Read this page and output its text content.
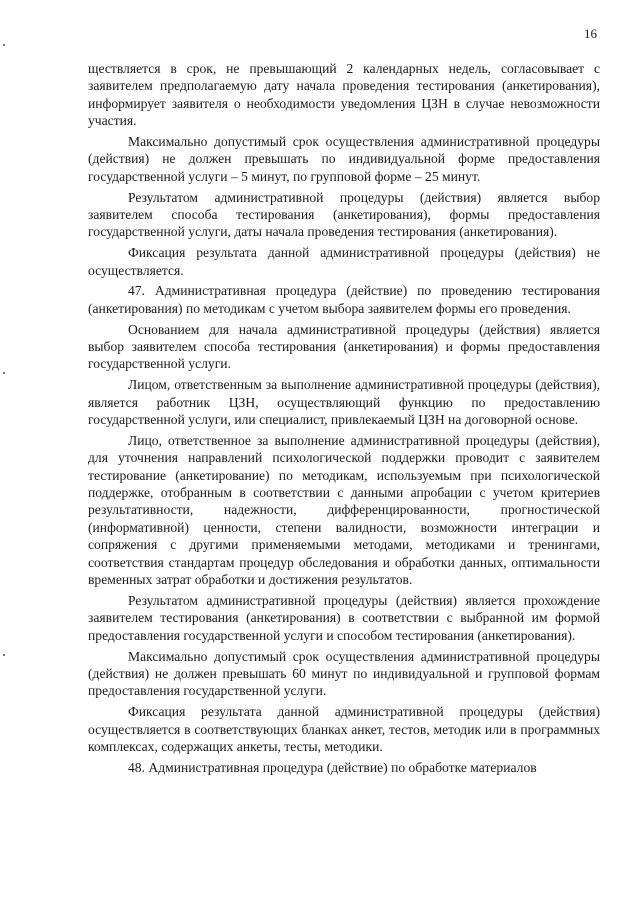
16

ществляется в срок, не превышающий 2 календарных недель, согласовывает с заявителем предполагаемую дату начала проведения тестирования (анкетирования), информирует заявителя о необходимости уведомления ЦЗН в случае невозможности участия.

Максимально допустимый срок осуществления административной процедуры (действия) не должен превышать по индивидуальной форме предоставления государственной услуги – 5 минут, по групповой форме – 25 минут.

Результатом административной процедуры (действия) является выбор заявителем способа тестирования (анкетирования), формы предоставления государственной услуги, даты начала проведения тестирования (анкетирования).

Фиксация результата данной административной процедуры (действия) не осуществляется.

47. Административная процедура (действие) по проведению тестирования (анкетирования) по методикам с учетом выбора заявителем формы его проведения.

Основанием для начала административной процедуры (действия) является выбор заявителем способа тестирования (анкетирования) и формы предоставления государственной услуги.

Лицом, ответственным за выполнение административной процедуры (действия), является работник ЦЗН, осуществляющий функцию по предоставлению государственной услуги, или специалист, привлекаемый ЦЗН на договорной основе.

Лицо, ответственное за выполнение административной процедуры (действия), для уточнения направлений психологической поддержки проводит с заявителем тестирование (анкетирование) по методикам, используемым при психологической поддержке, отобранным в соответствии с данными апробации с учетом критериев результативности, надежности, дифференцированности, прогностической (информативной) ценности, степени валидности, возможности интеграции и сопряжения с другими применяемыми методами, методиками и тренингами, соответствия стандартам процедур обследования и обработки данных, оптимальности временных затрат обработки и достижения результатов.

Результатом административной процедуры (действия) является прохождение заявителем тестирования (анкетирования) в соответствии с выбранной им формой предоставления государственной услуги и способом тестирования (анкетирования).

Максимально допустимый срок осуществления административной процедуры (действия) не должен превышать 60 минут по индивидуальной и групповой формам предоставления государственной услуги.

Фиксация результата данной административной процедуры (действия) осуществляется в соответствующих бланках анкет, тестов, методик или в программных комплексах, содержащих анкеты, тесты, методики.

48. Административная процедура (действие) по обработке материалов
